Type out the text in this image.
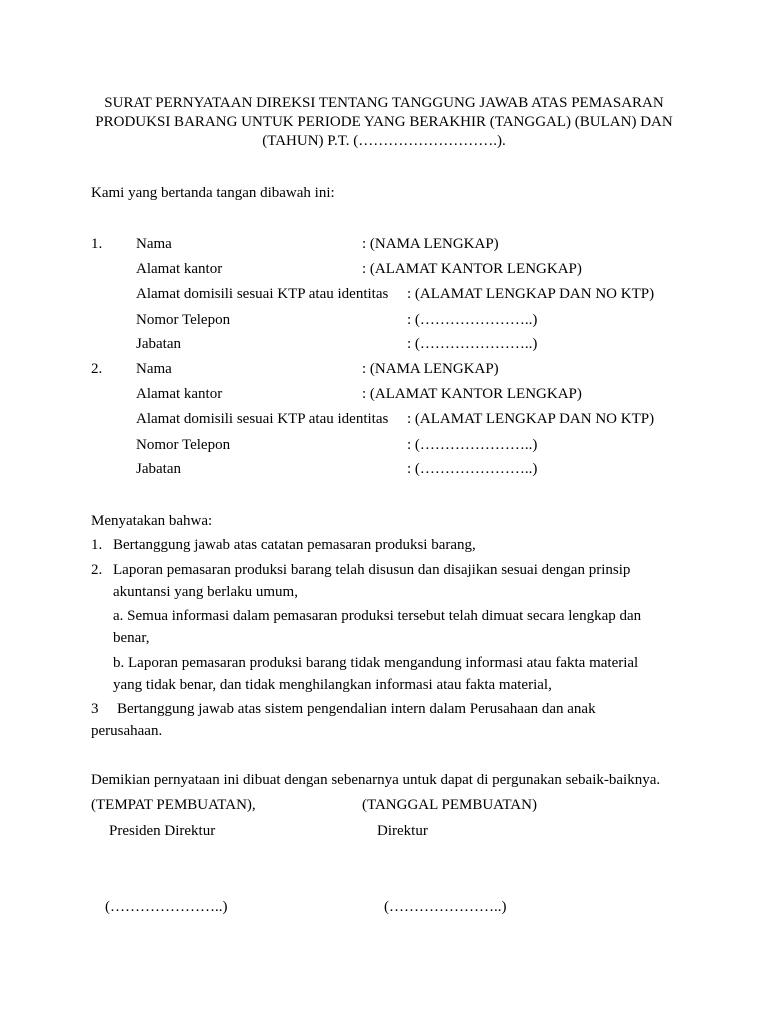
SURAT PERNYATAAN DIREKSI TENTANG TANGGUNG JAWAB ATAS PEMASARAN
PRODUKSI BARANG UNTUK PERIODE YANG BERAKHIR (TANGGAL) (BULAN) DAN
(TAHUN) P.T. (……………………….).
Kami yang bertanda tangan dibawah ini:
1. Nama	: (NAMA LENGKAP)
Alamat kantor	: (ALAMAT KANTOR LENGKAP)
Alamat domisili sesuai KTP atau identitas : (ALAMAT LENGKAP DAN NO KTP)
Nomor Telepon	: (…………………..)
Jabatan	: (…………………..)
2. Nama	: (NAMA LENGKAP)
Alamat kantor	: (ALAMAT KANTOR LENGKAP)
Alamat domisili sesuai KTP atau identitas : (ALAMAT LENGKAP DAN NO KTP)
Nomor Telepon	: (…………………..)
Jabatan	: (…………………..)
Menyatakan bahwa:
1. Bertanggung jawab atas catatan pemasaran produksi barang,
2. Laporan pemasaran produksi barang telah disusun dan disajikan sesuai dengan prinsip
akuntansi yang berlaku umum,
a. Semua informasi dalam pemasaran produksi tersebut telah dimuat secara lengkap dan
benar,
b. Laporan pemasaran produksi barang tidak mengandung informasi atau fakta material
yang tidak benar, dan tidak menghilangkan informasi atau fakta material,
3 Bertanggung jawab atas sistem pengendalian intern dalam Perusahaan dan anak
perusahaan.
Demikian pernyataan ini dibuat dengan sebenarnya untuk dapat di pergunakan sebaik-baiknya.
(TEMPAT PEMBUATAN),	(TANGGAL PEMBUATAN)
Presiden Direktur	Direktur
(…………………..)	(…………………..)
